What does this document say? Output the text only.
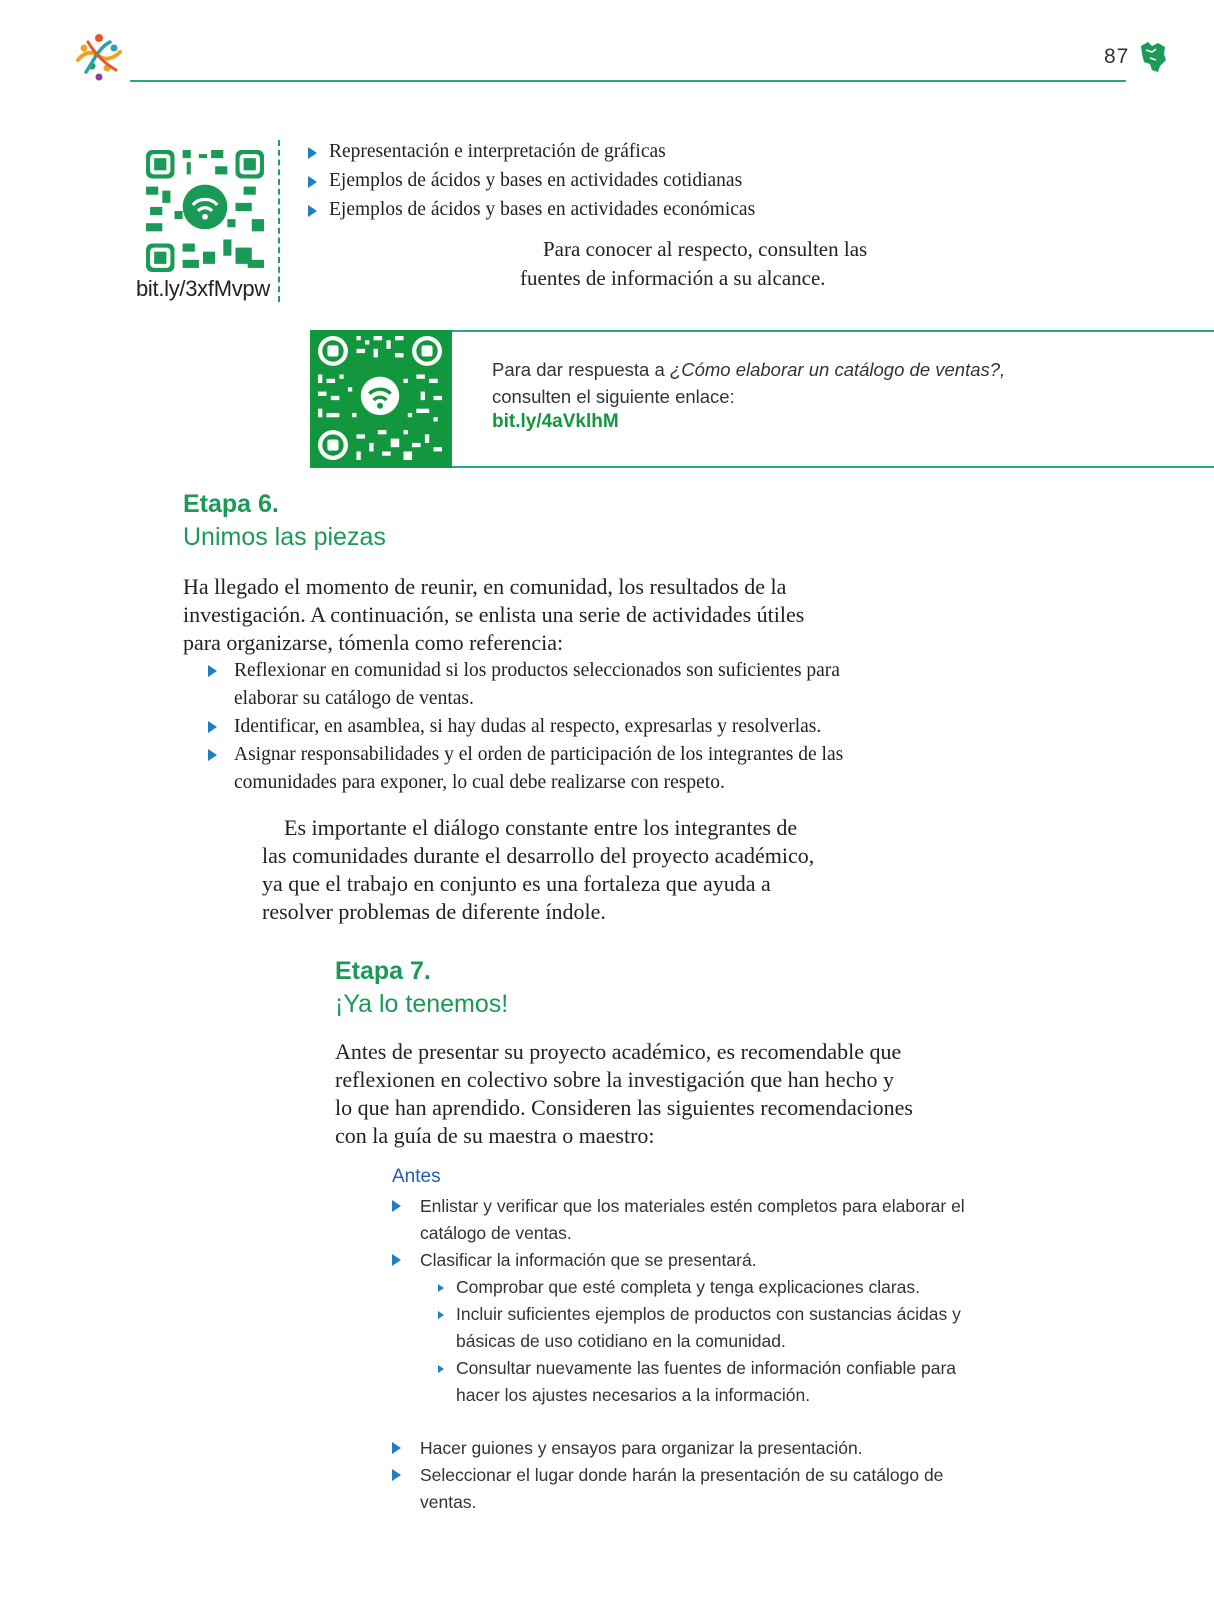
87
bit.ly/3xfMvpw
Representación e interpretación de gráficas
Ejemplos de ácidos y bases en actividades cotidianas
Ejemplos de ácidos y bases en actividades económicas
Para conocer al respecto, consulten las
fuentes de información a su alcance.
Para dar respuesta a ¿Cómo elaborar un catálogo de ventas?,
consulten el siguiente enlace:
bit.ly/4aVklhM
Etapa 6.
Unimos las piezas
Ha llegado el momento de reunir, en comunidad, los resultados de la investigación. A continuación, se enlista una serie de actividades útiles para organizarse, tómenla como referencia:
Reflexionar en comunidad si los productos seleccionados son suficientes para elaborar su catálogo de ventas.
Identificar, en asamblea, si hay dudas al respecto, expresarlas y resolverlas.
Asignar responsabilidades y el orden de participación de los integrantes de las comunidades para exponer, lo cual debe realizarse con respeto.
Es importante el diálogo constante entre los integrantes de las comunidades durante el desarrollo del proyecto académico, ya que el trabajo en conjunto es una fortaleza que ayuda a resolver problemas de diferente índole.
Etapa 7.
¡Ya lo tenemos!
Antes de presentar su proyecto académico, es recomendable que reflexionen en colectivo sobre la investigación que han hecho y lo que han aprendido. Consideren las siguientes recomendaciones con la guía de su maestra o maestro:
Antes
Enlistar y verificar que los materiales estén completos para elaborar el catálogo de ventas.
Clasificar la información que se presentará.
Comprobar que esté completa y tenga explicaciones claras.
Incluir suficientes ejemplos de productos con sustancias ácidas y básicas de uso cotidiano en la comunidad.
Consultar nuevamente las fuentes de información confiable para hacer los ajustes necesarios a la información.
Hacer guiones y ensayos para organizar la presentación.
Seleccionar el lugar donde harán la presentación de su catálogo de ventas.
